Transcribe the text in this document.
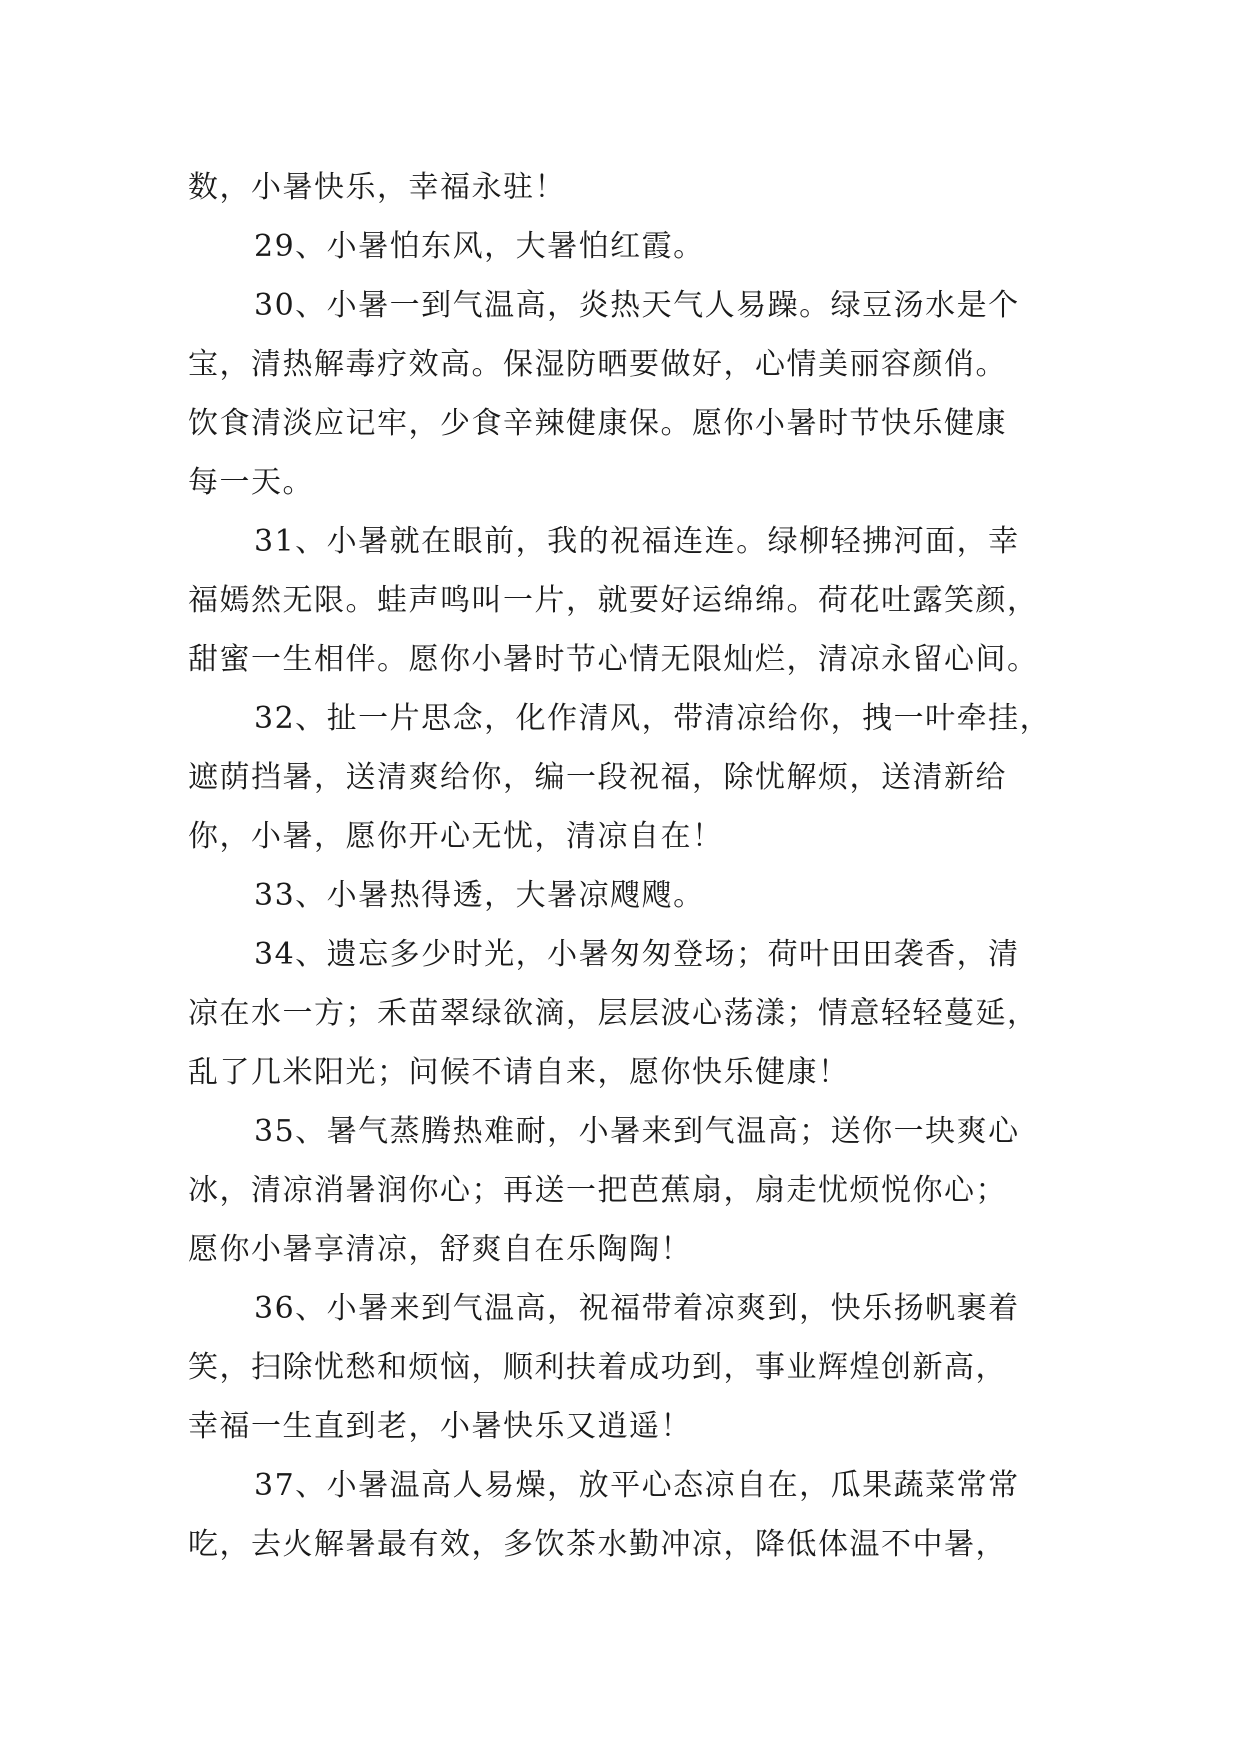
数，小暑快乐，幸福永驻！
29、小暑怕东风，大暑怕红霞。
30、小暑一到气温高，炎热天气人易躁。绿豆汤水是个
宝，清热解毒疗效高。保湿防晒要做好，心情美丽容颜俏。
饮食清淡应记牢，少食辛辣健康保。愿你小暑时节快乐健康
每一天。
31、小暑就在眼前，我的祝福连连。绿柳轻拂河面，幸
福嫣然无限。蛙声鸣叫一片，就要好运绵绵。荷花吐露笑颜，
甜蜜一生相伴。愿你小暑时节心情无限灿烂，清凉永留心间。
32、扯一片思念，化作清风，带清凉给你，拽一叶牵挂，
遮荫挡暑，送清爽给你，编一段祝福，除忧解烦，送清新给
你，小暑，愿你开心无忧，清凉自在！
33、小暑热得透，大暑凉飕飕。
34、遗忘多少时光，小暑匆匆登场；荷叶田田袭香，清
凉在水一方；禾苗翠绿欲滴，层层波心荡漾；情意轻轻蔓延，
乱了几米阳光；问候不请自来，愿你快乐健康！
35、暑气蒸腾热难耐，小暑来到气温高；送你一块爽心
冰，清凉消暑润你心；再送一把芭蕉扇，扇走忧烦悦你心；
愿你小暑享清凉，舒爽自在乐陶陶！
36、小暑来到气温高，祝福带着凉爽到，快乐扬帆裹着
笑，扫除忧愁和烦恼，顺利扶着成功到，事业辉煌创新高，
幸福一生直到老，小暑快乐又逍遥！
37、小暑温高人易燥，放平心态凉自在，瓜果蔬菜常常
吃，去火解暑最有效，多饮茶水勤冲凉，降低体温不中暑，
